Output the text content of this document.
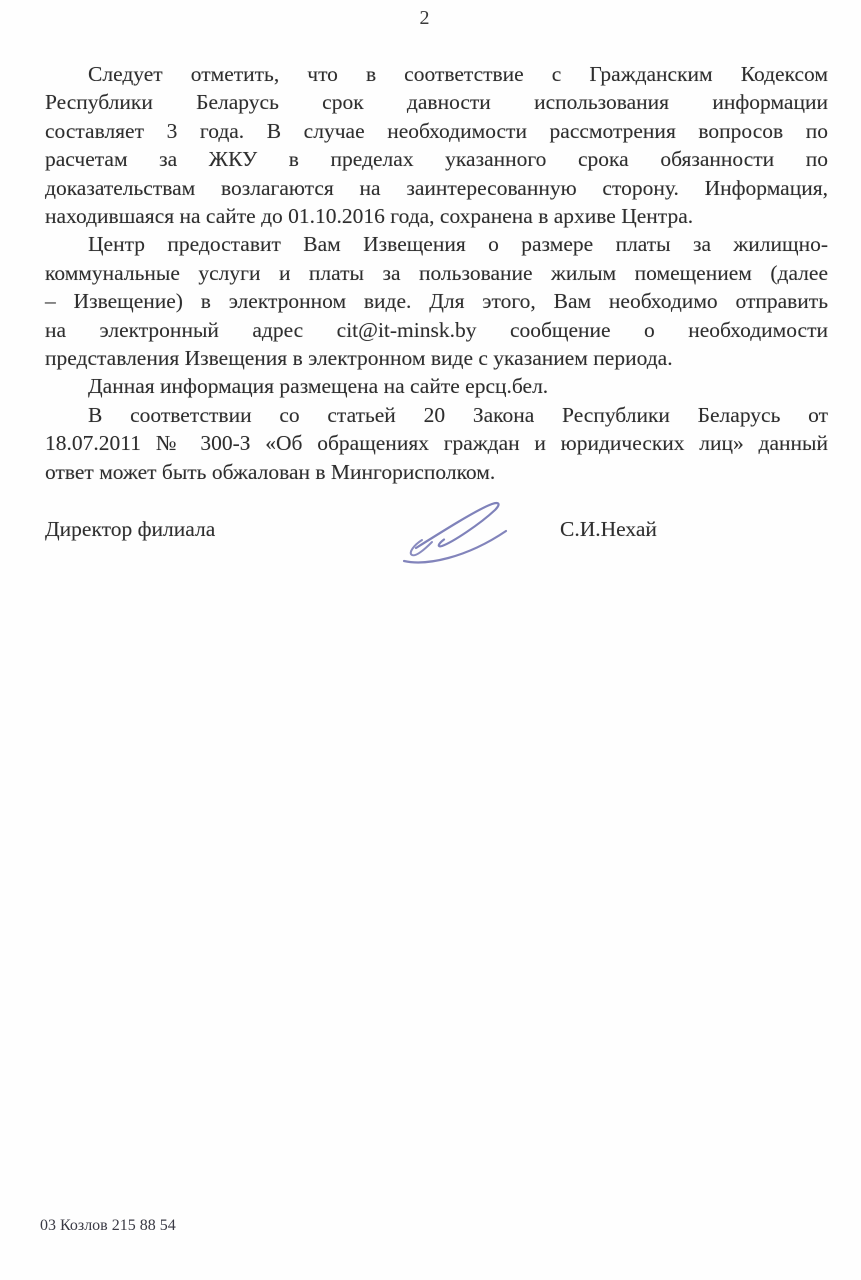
2
Следует отметить, что в соответствие с Гражданским Кодексом
Республики Беларусь срок давности использования информации
составляет 3 года. В случае необходимости рассмотрения вопросов по
расчетам за ЖКУ в пределах указанного срока обязанности по
доказательствам возлагаются на заинтересованную сторону. Информация,
находившаяся на сайте до 01.10.2016 года, сохранена в архиве Центра.
Центр предоставит Вам Извещения о размере платы за жилищно-
коммунальные услуги и платы за пользование жилым помещением (далее
– Извещение) в электронном виде. Для этого, Вам необходимо отправить
на электронный адрес cit@it-minsk.by сообщение о необходимости
представления Извещения в электронном виде с указанием периода.
Данная информация размещена на сайте ерсц.бел.
В соответствии со статьей 20 Закона Республики Беларусь от
18.07.2011 № 300-З «Об обращениях граждан и юридических лиц» данный
ответ может быть обжалован в Мингорисполком.
Директор филиала	С.И.Нехай
03 Козлов 215 88 54
